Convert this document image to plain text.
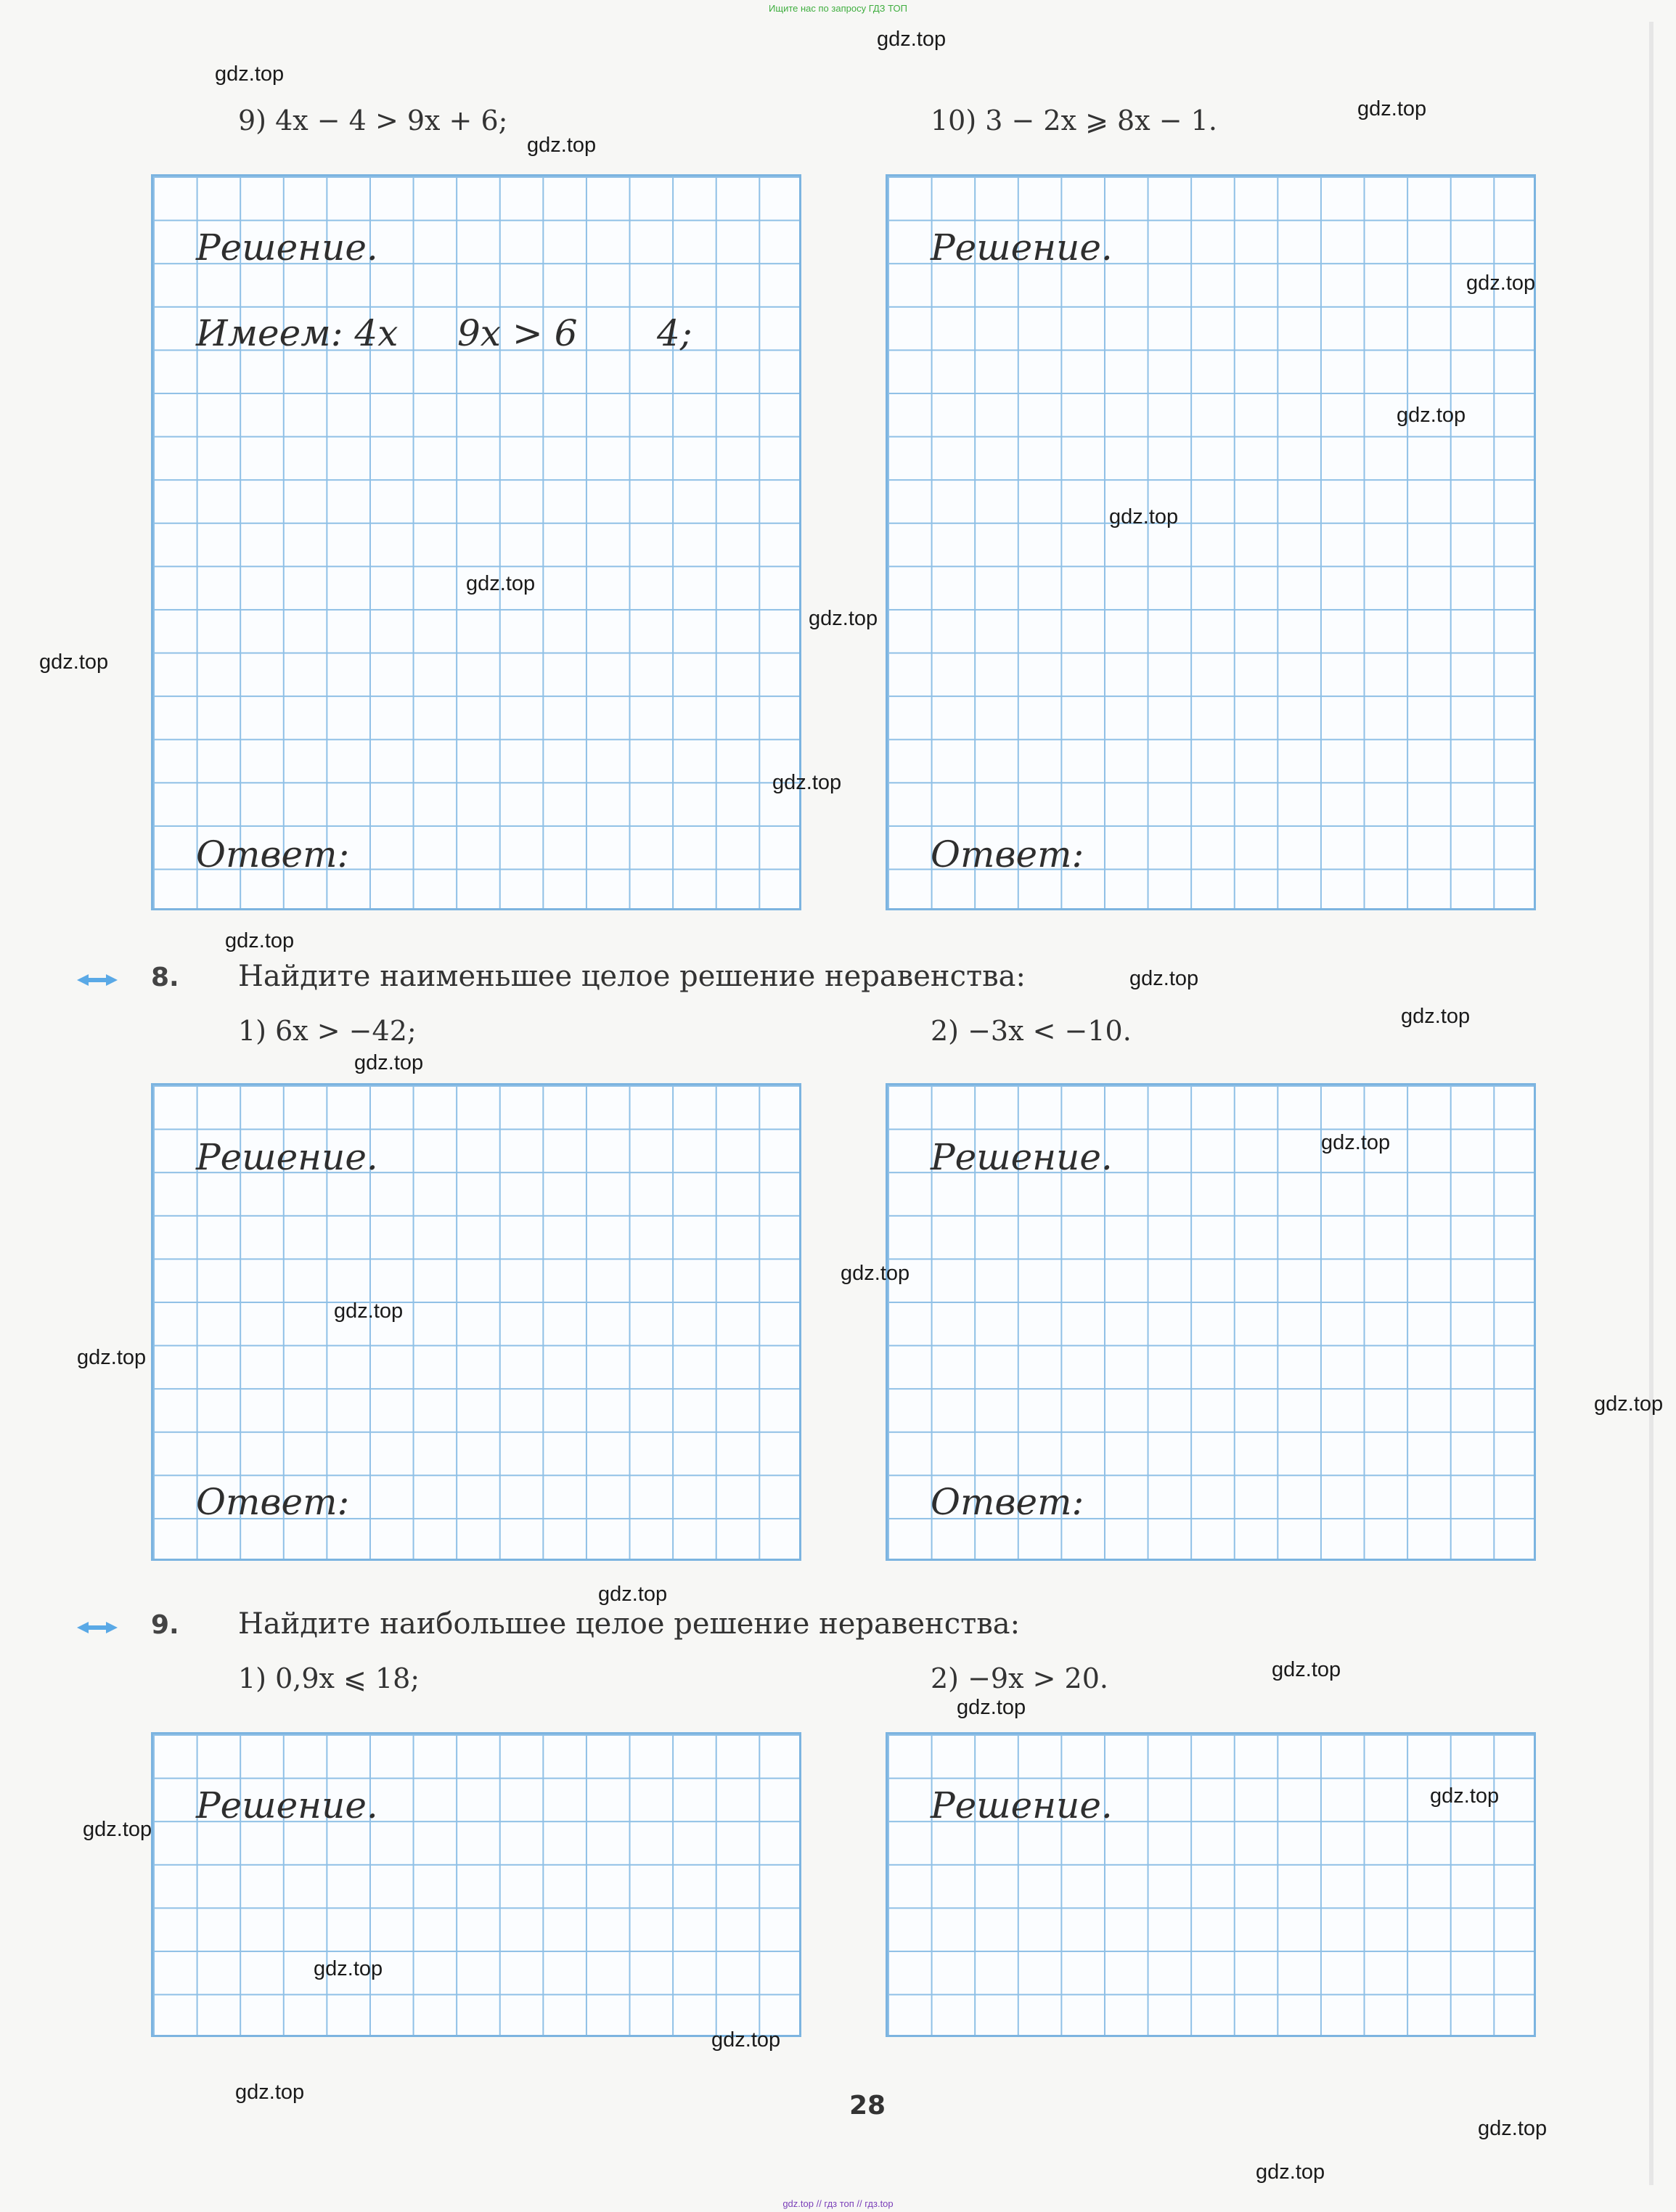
Ищите нас по запросу ГДЗ ТОП
9) 4x − 4 > 9x + 6;	10) 3 − 2x ⩾ 8x − 1.
Решение.
Имеем: 4x 9x > 6 4;
Ответ:
Решение.
Ответ:
8. Найдите наименьшее целое решение неравенства:
1) 6x > −42;	2) −3x < −10.
Решение.
Ответ:
Решение.
Ответ:
9. Найдите наибольшее целое решение неравенства:
1) 0,9x ⩽ 18;	2) −9x > 20.
Решение.	Решение.
28
gdz.top
gdz.top
gdz.top
gdz.top
gdz.top
gdz.top
gdz.top
gdz.top
gdz.top
gdz.top
gdz.top
gdz.top
gdz.top
gdz.top
gdz.top
gdz.top
gdz.top
gdz.top
gdz.top
gdz.top
gdz.top
gdz.top
gdz.top
gdz.top
gdz.top
gdz.top
gdz.top
gdz.top
gdz.top
gdz.top
gdz.top // гдз топ // гдз.top
